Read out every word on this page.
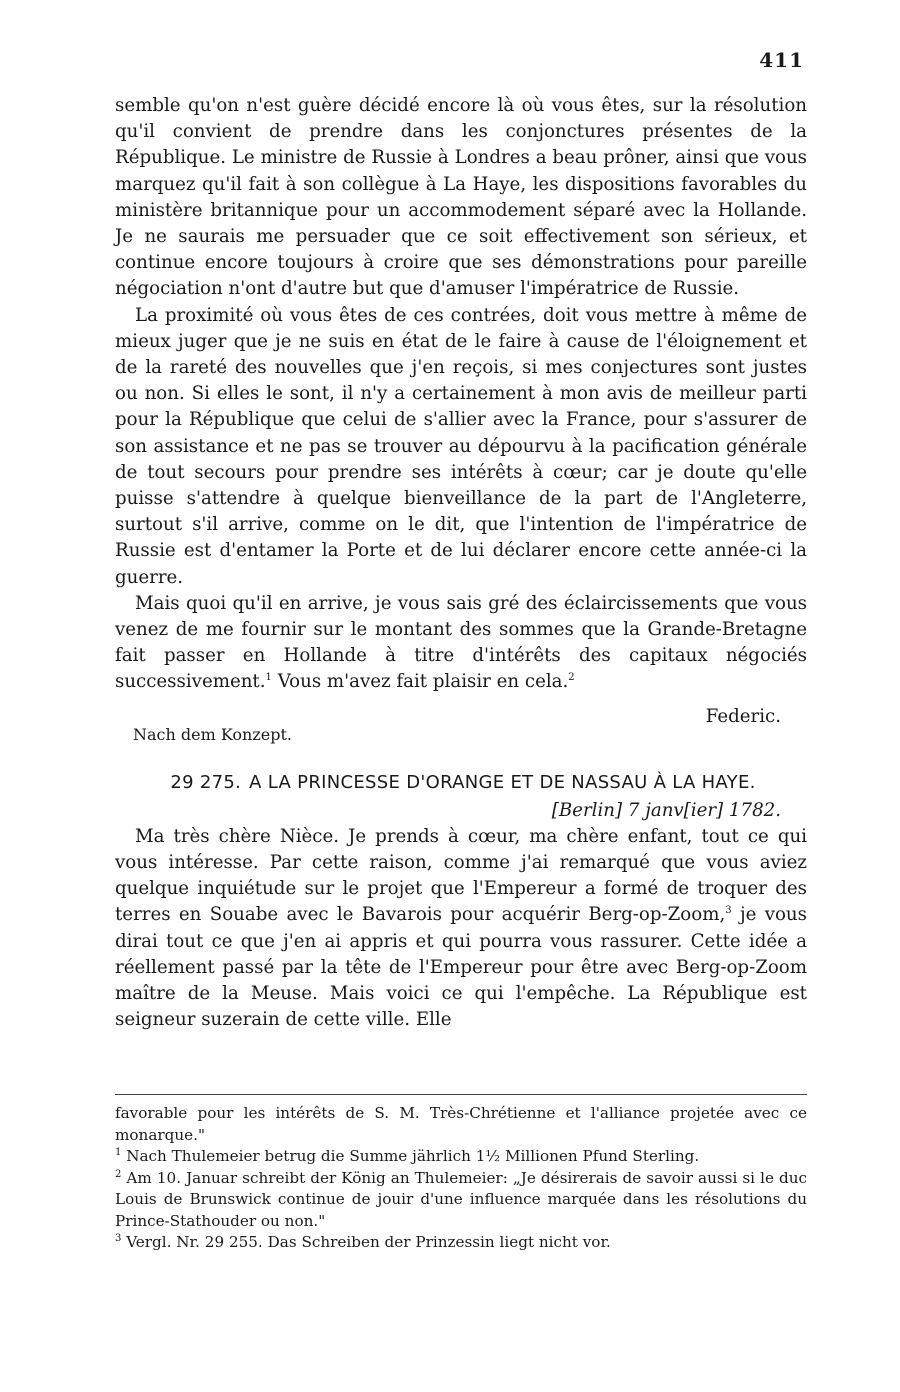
411

semble qu'on n'est guère décidé encore là où vous êtes, sur la résolution qu'il convient de prendre dans les conjonctures présentes de la République. Le ministre de Russie à Londres a beau prôner, ainsi que vous marquez qu'il fait à son collègue à La Haye, les dispositions favorables du ministère britannique pour un accommodement séparé avec la Hollande. Je ne saurais me persuader que ce soit effectivement son sérieux, et continue encore toujours à croire que ses démonstrations pour pareille négociation n'ont d'autre but que d'amuser l'impératrice de Russie.

La proximité où vous êtes de ces contrées, doit vous mettre à même de mieux juger que je ne suis en état de le faire à cause de l'éloignement et de la rareté des nouvelles que j'en reçois, si mes conjectures sont justes ou non. Si elles le sont, il n'y a certainement à mon avis de meilleur parti pour la République que celui de s'allier avec la France, pour s'assurer de son assistance et ne pas se trouver au dépourvu à la pacification générale de tout secours pour prendre ses intérêts à cœur; car je doute qu'elle puisse s'attendre à quelque bienveillance de la part de l'Angleterre, surtout s'il arrive, comme on le dit, que l'intention de l'impératrice de Russie est d'entamer la Porte et de lui déclarer encore cette année-ci la guerre.

Mais quoi qu'il en arrive, je vous sais gré des éclaircissements que vous venez de me fournir sur le montant des sommes que la Grande-Bretagne fait passer en Hollande à titre d'intérêts des capitaux négociés successivement.$^1$ Vous m'avez fait plaisir en cela.$^2$

Federic.
Nach dem Konzept.
29 275. A LA PRINCESSE D'ORANGE ET DE NASSAU À LA HAYE.
[Berlin] 7 janv[ier] 1782.

Ma très chère Nièce. Je prends à cœur, ma chère enfant, tout ce qui vous intéresse. Par cette raison, comme j'ai remarqué que vous aviez quelque inquiétude sur le projet que l'Empereur a formé de troquer des terres en Souabe avec le Bavarois pour acquérir Berg-op-Zoom,$^3$ je vous dirai tout ce que j'en ai appris et qui pourra vous rassurer. Cette idée a réellement passé par la tête de l'Empereur pour être avec Berg-op-Zoom maître de la Meuse. Mais voici ce qui l'empêche. La République est seigneur suzerain de cette ville. Elle

favorable pour les intérêts de S. M. Très-Chrétienne et l'alliance projetée avec ce monarque."

$^1$ Nach Thulemeier betrug die Summe jährlich 1½ Millionen Pfund Sterling.

$^2$ Am 10. Januar schreibt der König an Thulemeier: „Je désirerais de savoir aussi si le duc Louis de Brunswick continue de jouir d'une influence marquée dans les résolutions du Prince-Stathouder ou non."

$^3$ Vergl. Nr. 29 255. Das Schreiben der Prinzessin liegt nicht vor.
